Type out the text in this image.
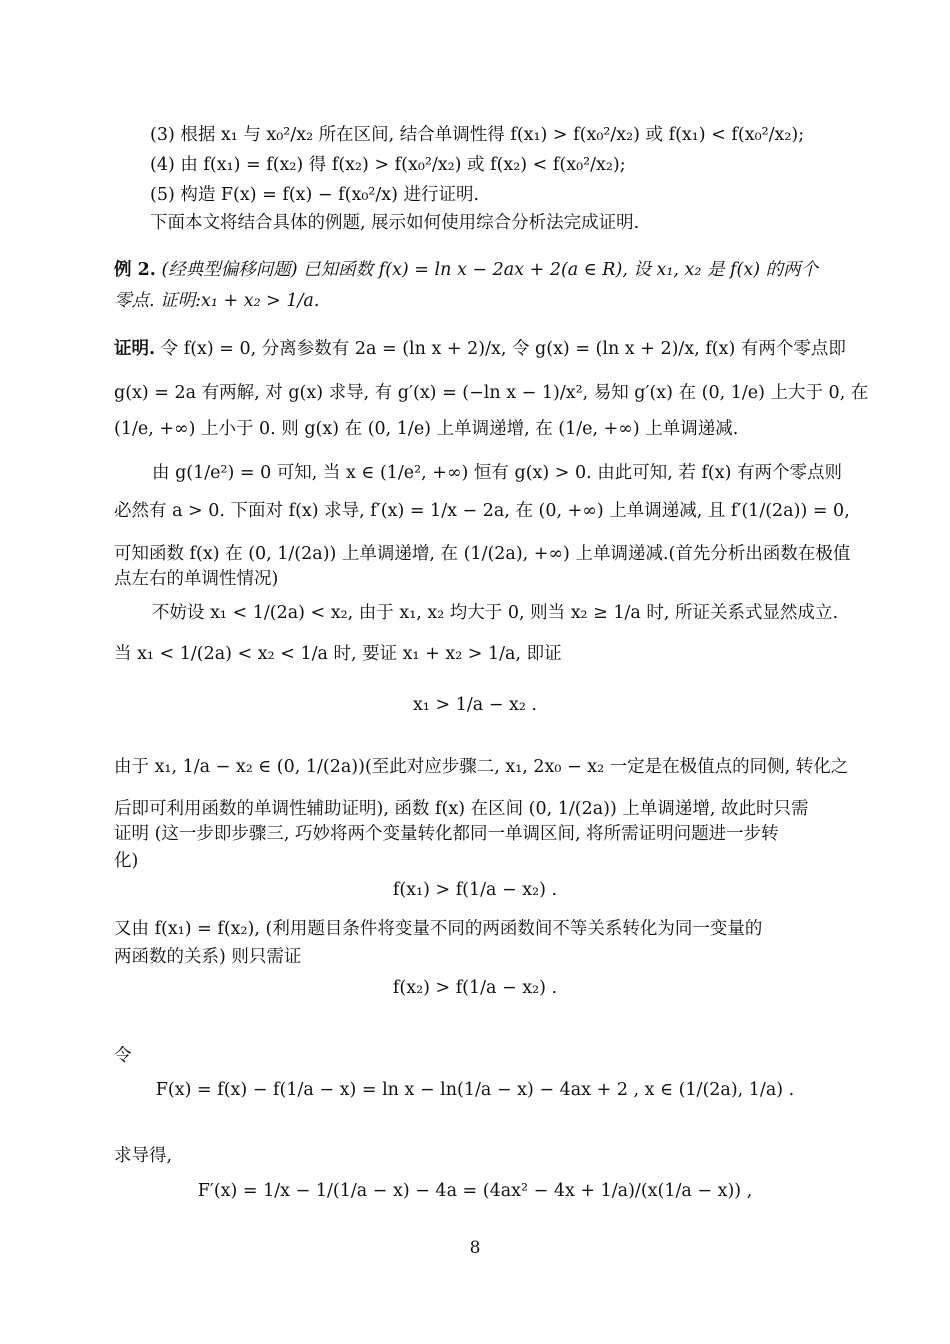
(3) 根据 x₁ 与 x₀²/x₂ 所在区间, 结合单调性得 f(x₁) > f(x₀²/x₂) 或 f(x₁) < f(x₀²/x₂);
(4) 由 f(x₁) = f(x₂) 得 f(x₂) > f(x₀²/x₂) 或 f(x₂) < f(x₀²/x₂);
(5) 构造 F(x) = f(x) − f(x₀²/x) 进行证明.
下面本文将结合具体的例题, 展示如何使用综合分析法完成证明.
例 2. (经典型偏移问题) 已知函数 f(x) = ln x − 2ax + 2(a ∈ R), 设 x₁, x₂ 是 f(x) 的两个
零点. 证明:x₁ + x₂ > 1/a.
证明. 令 f(x) = 0, 分离参数有 2a = (ln x + 2)/x, 令 g(x) = (ln x + 2)/x, f(x) 有两个零点即
g(x) = 2a 有两解, 对 g(x) 求导, 有 g′(x) = (−ln x − 1)/x², 易知 g′(x) 在 (0, 1/e) 上大于 0, 在
(1/e, +∞) 上小于 0. 则 g(x) 在 (0, 1/e) 上单调递增, 在 (1/e, +∞) 上单调递减.
由 g(1/e²) = 0 可知, 当 x ∈ (1/e², +∞) 恒有 g(x) > 0. 由此可知, 若 f(x) 有两个零点则
必然有 a > 0. 下面对 f(x) 求导, f′(x) = 1/x − 2a, 在 (0, +∞) 上单调递减, 且 f′(1/(2a)) = 0,
可知函数 f(x) 在 (0, 1/(2a)) 上单调递增, 在 (1/(2a), +∞) 上单调递减.(首先分析出函数在极值
点左右的单调性情况)
不妨设 x₁ < 1/(2a) < x₂, 由于 x₁, x₂ 均大于 0, 则当 x₂ ≥ 1/a 时, 所证关系式显然成立.
当 x₁ < 1/(2a) < x₂ < 1/a 时, 要证 x₁ + x₂ > 1/a, 即证
x₁ > 1/a − x₂ .
由于 x₁, 1/a − x₂ ∈ (0, 1/(2a))(至此对应步骤二, x₁, 2x₀ − x₂ 一定是在极值点的同侧, 转化之
后即可利用函数的单调性辅助证明), 函数 f(x) 在区间 (0, 1/(2a)) 上单调递增, 故此时只需
证明 (这一步即步骤三, 巧妙将两个变量转化都同一单调区间, 将所需证明问题进一步转
化)
f(x₁) > f(1/a − x₂) .
又由 f(x₁) = f(x₂), (利用题目条件将变量不同的两函数间不等关系转化为同一变量的
两函数的关系) 则只需证
f(x₂) > f(1/a − x₂) .
令
F(x) = f(x) − f(1/a − x) = ln x − ln(1/a − x) − 4ax + 2 , x ∈ (1/(2a), 1/a) .
求导得,
F′(x) = 1/x − 1/(1/a − x) − 4a = (4ax² − 4x + 1/a)/(x(1/a − x)) ,
8
